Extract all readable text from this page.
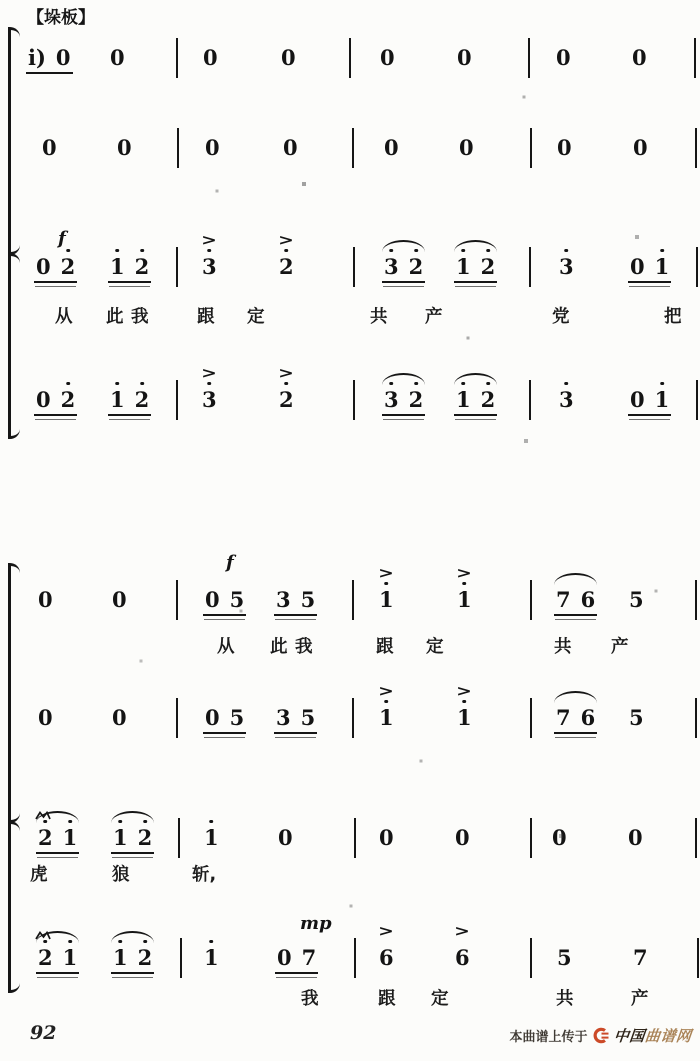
【垛板】
i) 0 0	0	0	0	0	0	0
0	0	0	0	0	0	0	0
f
0 2 1 2	3
>
2
>
3 2 1 2	3	0 1
从 此 我	跟 定	共 产	党	把
0 2 1 2	3
>
2
>
3 2 1 2	3	0 1
f
0	0	0 5 3 5	1
>
1
>
7 6 5
从 此 我	跟 定	共 产
0	0	0 5 3 5	1
>
1
>
7 6 5
2 1 1 2 1	0	0	0	0	0
虎	狼	斩,
mp
2 1 1 2 1	0 7	6
>
6
>
5	7
我	跟 定	共	产
92	本曲谱上传于 中国曲谱网
